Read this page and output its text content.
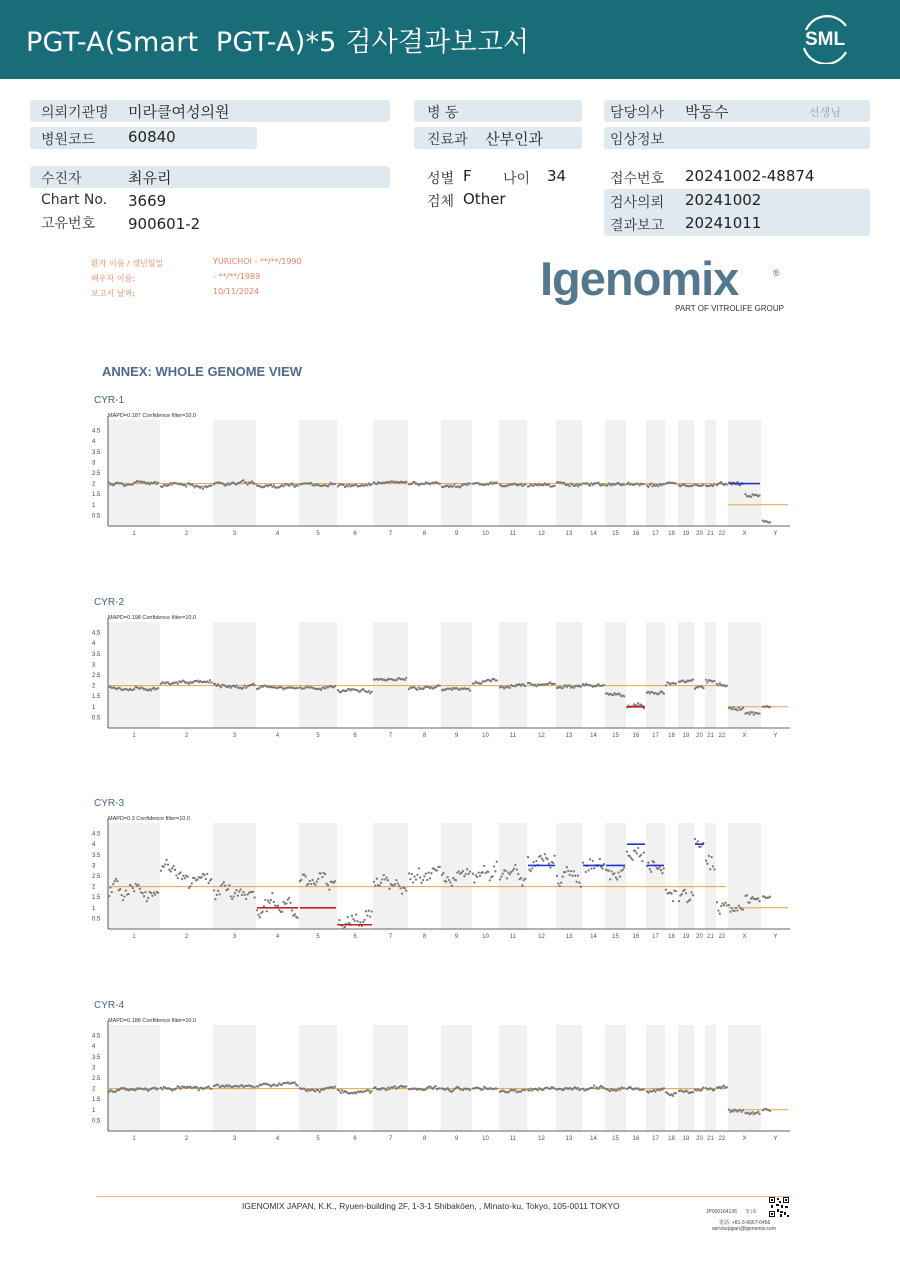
PGT-A(Smart  PGT-A)*5 검사결과보고서	SML
의뢰기관명 미라클여성의원
병원코드 60840
수진자	최유리
Chart No. 3669
고유번호 900601-2
병 동
진료과 산부인과
성별 F 나이 34
검체 Other
담당의사 박동수	선생님
임상정보
접수번호 20241002-48874
검사의뢰 20241002
결과보고 20241011
환자 이름 / 생년월일	YURICHOI - **/**/1990
배우자 이름:	- **/**/1989
보고서 날짜:	10/11/2024	Igenomix	®
PART OF VITROLIFE GROUP
ANNEX: WHOLE GENOME VIEW
CYR-1
MAPD=0.187 Confidence filter=10.0
4.5
4
3.5
3
2.5
2
1.5
1
0.5
1	2	3	4	5	6	7	8	9	10	11	12	13	14	15 16 17 18 19 20 21 22	X	Y
CYR-2
MAPD=0.198 Confidence filter=10.0
4.5
4
3.5
3
2.5
2
1.5
1
0.5
1	2	3	4	5	6	7	8	9	10	11	12	13	14	15 16 17 18 19 20 21 22	X	Y
CYR-3
MAPD=0.3 Confidence filter=10.0
4.5
4
3.5
3
2.5
2
1.5
1
0.5
1	2	3	4	5	6	7	8	9	10	11	12	13	14	15 16 17 18 19 20 21 22	X	Y
CYR-4
MAPD=0.188 Confidence filter=10.0
4.5
4
3.5
3
2.5
2
1.5
1
0.5
1	2	3	4	5	6	7	8	9	10	11	12	13	14	15 16 17 18 19 20 21 22	X	Y
IGENOMIX JAPAN, K.K., Ryuen-building 2F, 1-3-1 Shibakōen, , Minato-ku, Tokyo, 105-0011 TOKYO
JP000164136 5 | 6
電話: +81-3-6667-0456
servicejapan@igenomix.com
